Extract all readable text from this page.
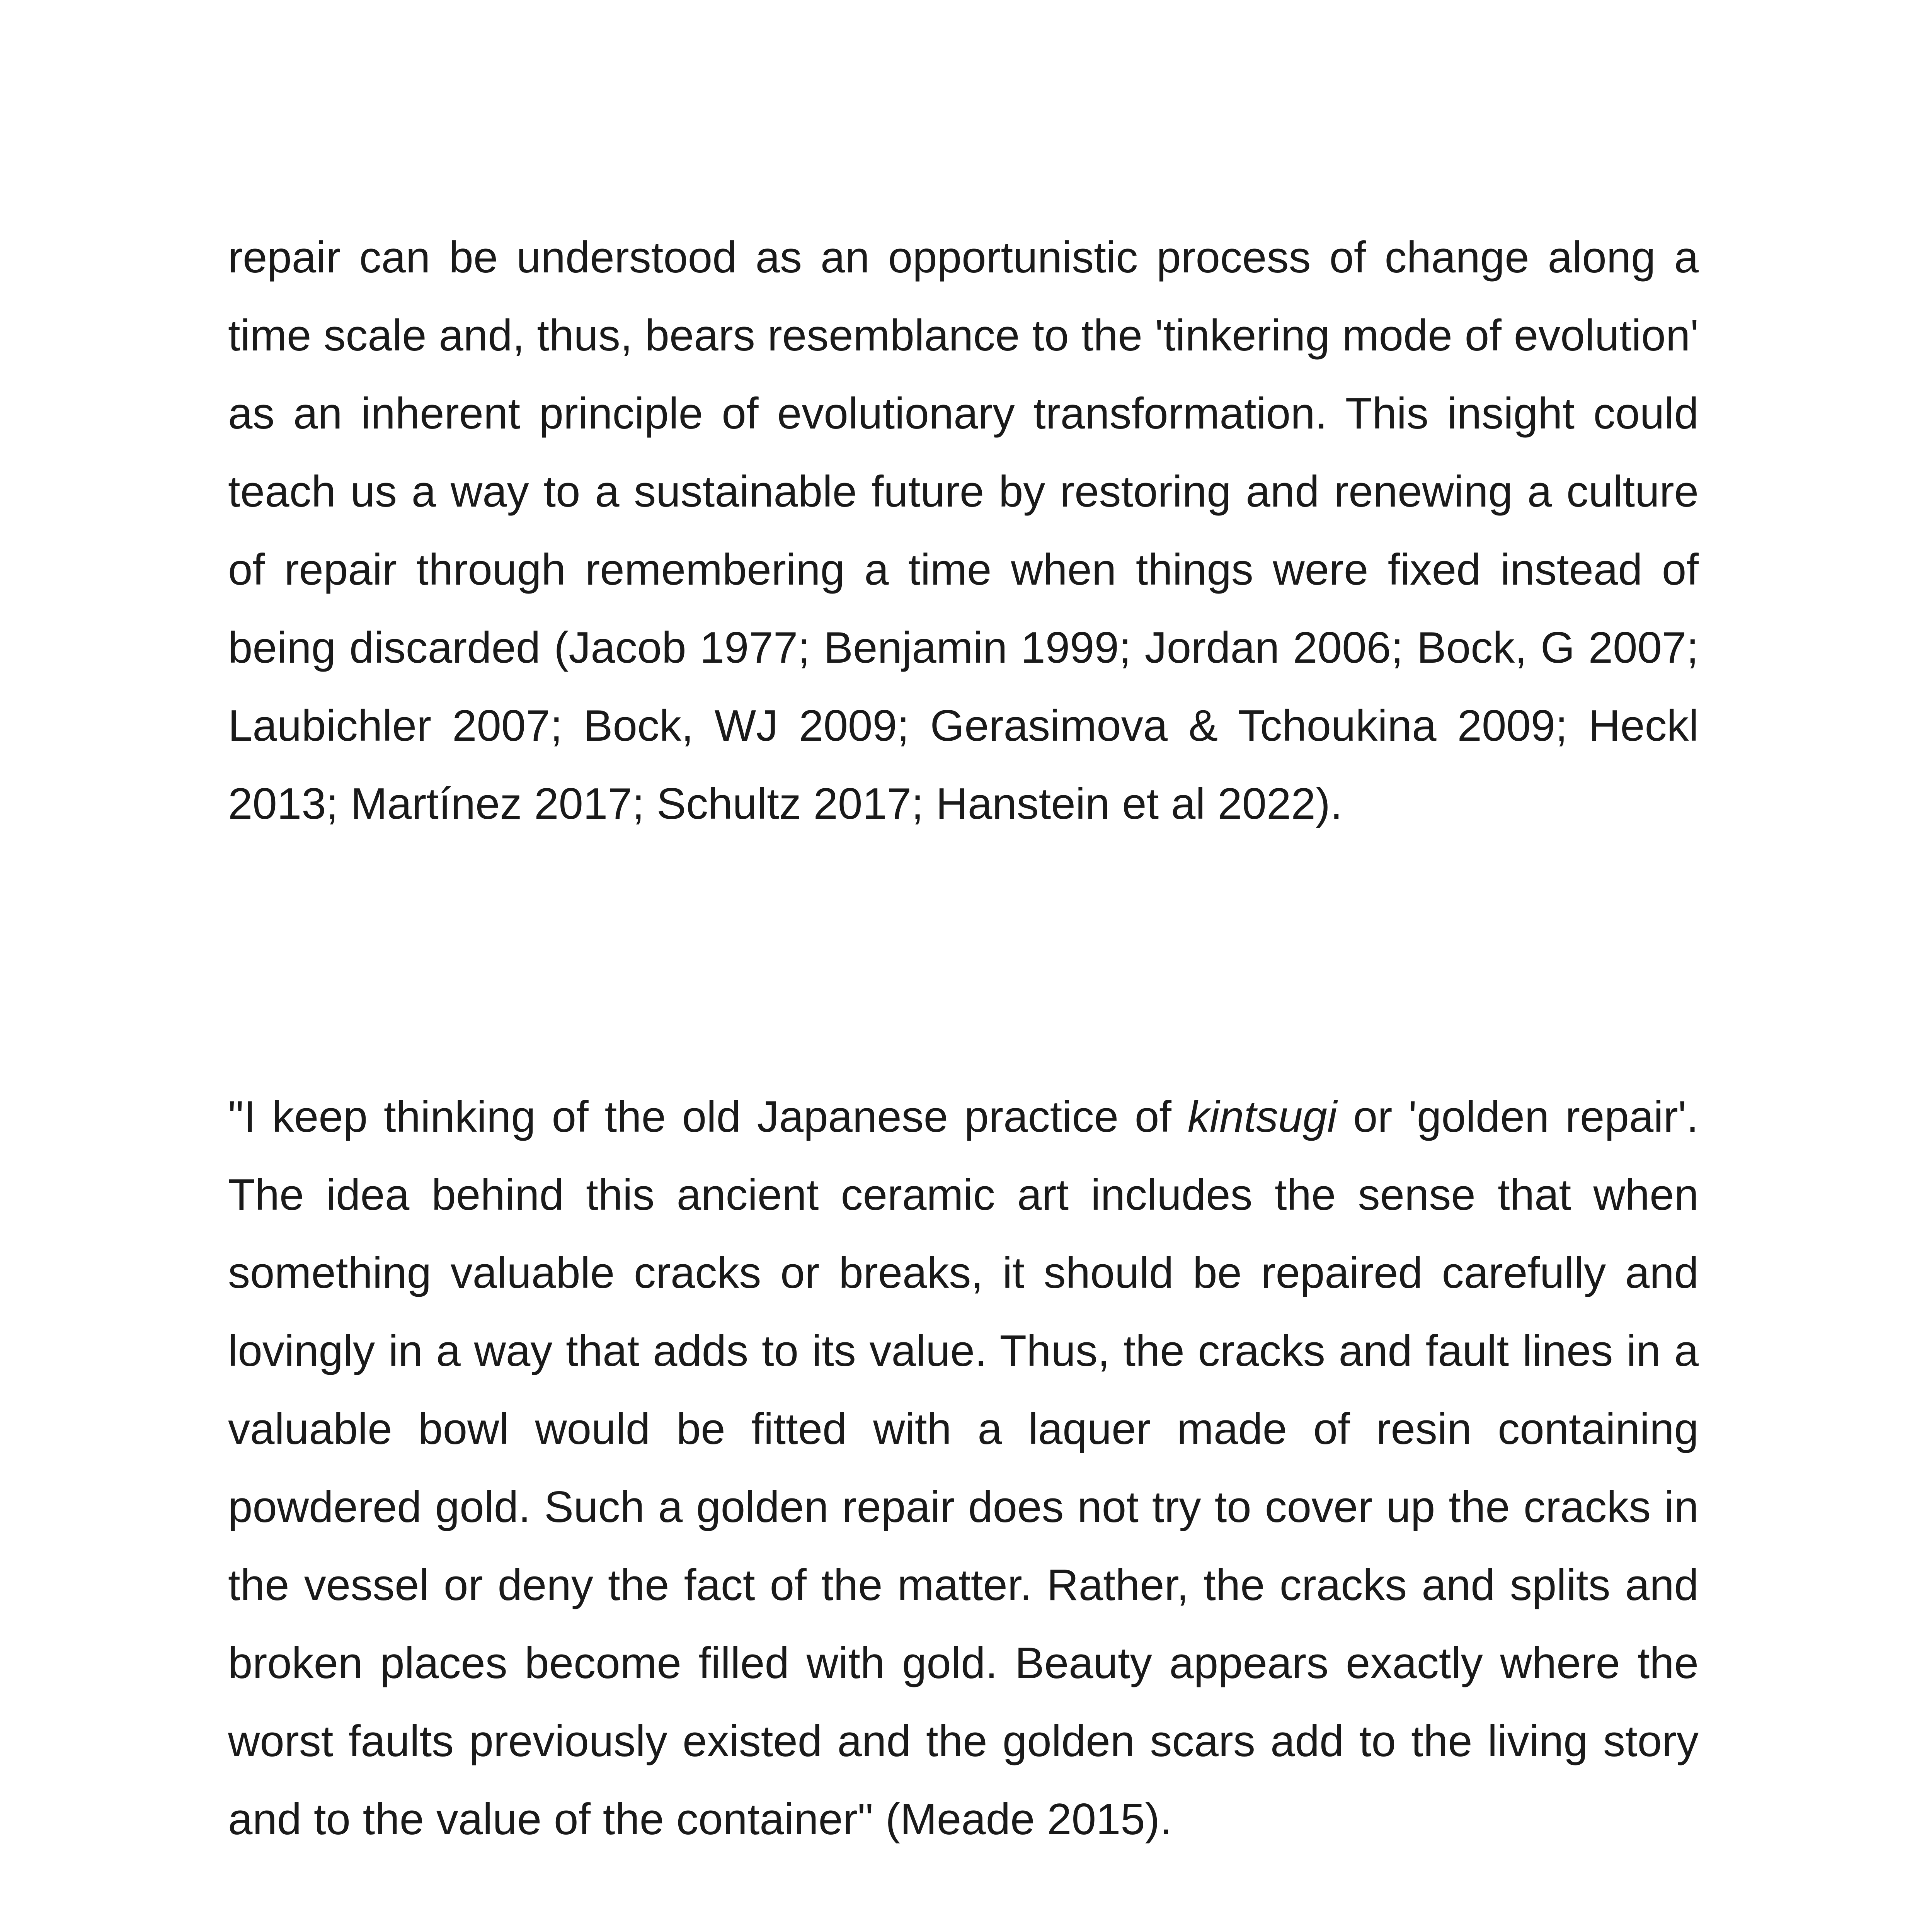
repair can be understood as an opportunistic process of change along a time scale and, thus, bears resemblance to the 'tinkering mode of evolution' as an inherent principle of evolutionary transformation. This insight could teach us a way to a sustainable future by restoring and renewing a culture of repair through remembering a time when things were fixed instead of being discarded (Jacob 1977; Benjamin 1999; Jordan 2006; Bock, G 2007; Laubichler 2007; Bock, WJ 2009; Gerasimova & Tchoukina 2009; Heckl 2013; Martínez 2017; Schultz 2017; Hanstein et al 2022).

"I keep thinking of the old Japanese practice of kintsugi or 'golden repair'. The idea behind this ancient ceramic art includes the sense that when something valuable cracks or breaks, it should be repaired carefully and lovingly in a way that adds to its value. Thus, the cracks and fault lines in a valuable bowl would be fitted with a laquer made of resin containing powdered gold. Such a golden repair does not try to cover up the cracks in the vessel or deny the fact of the matter. Rather, the cracks and splits and broken places become filled with gold. Beauty appears exactly where the worst faults previously existed and the golden scars add to the living story and to the value of the container" (Meade 2015).
